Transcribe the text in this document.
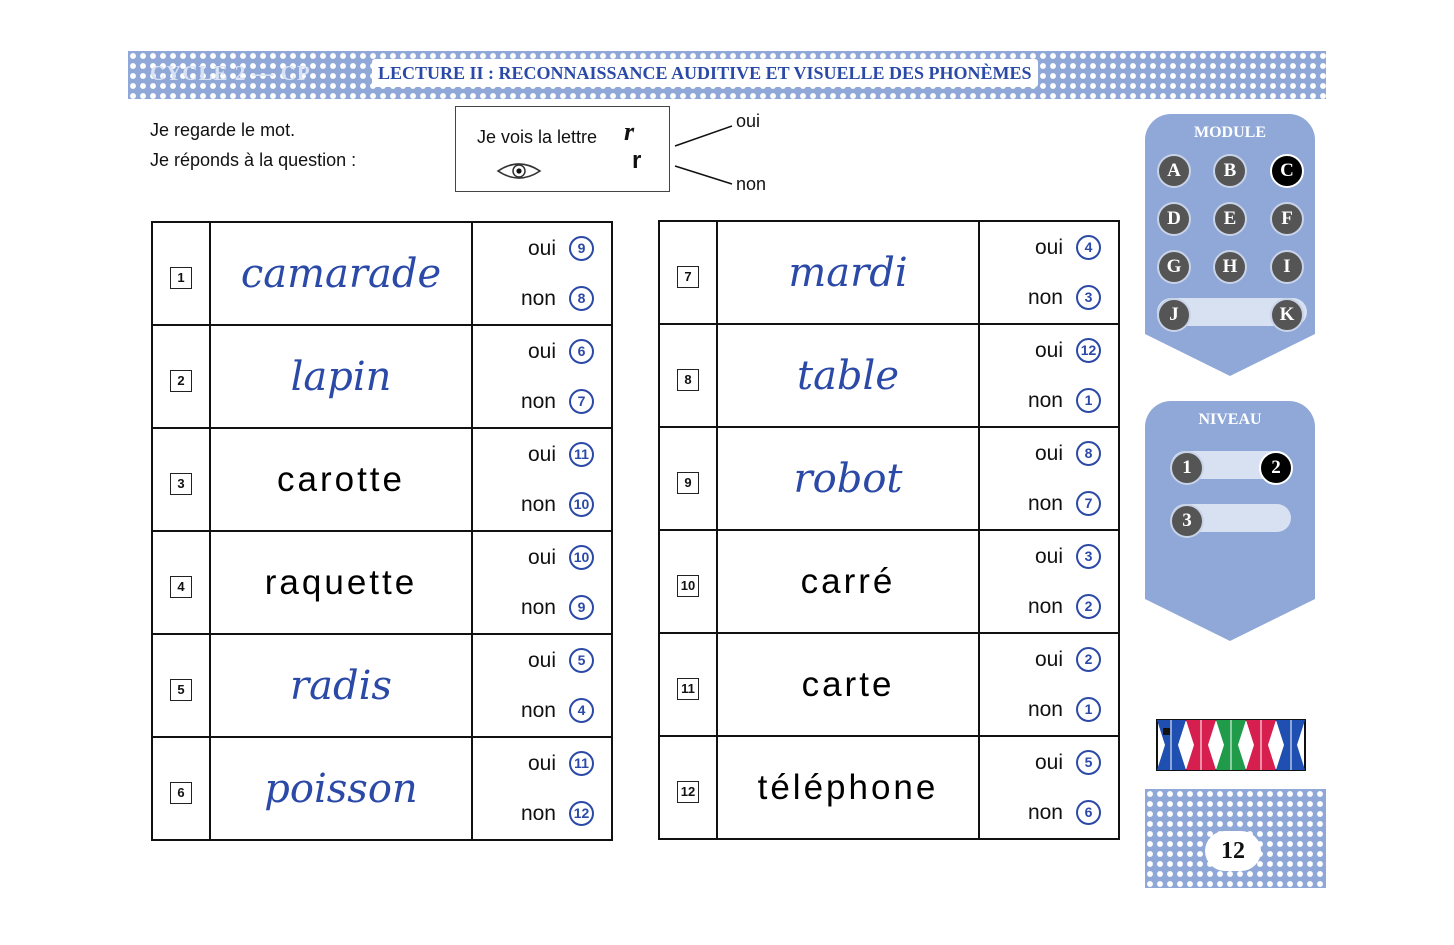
CYCLE 2 — CP	LECTURE II : RECONNAISSANCE AUDITIVE ET VISUELLE DES PHONÈMES
Je regarde le mot.
Je réponds à la question :
Je vois la lettre r
r
oui
non
1	camarade	oui 9
non 8

2	lapin	oui 6
non 7

3	carotte	oui 11
non 10

4	raquette	oui 10
non 9

5	radis	oui 5
non 4

6	poisson	oui 11
non 12
7	mardi	oui 4
non 3

8	table	oui 12
non 1

9	robot	oui 8
non 7

10	carré	oui 3
non 2

11	carte	oui 2
non 1

12	téléphone	oui 5
non 6
MODULE
A	B	C
D	E	F
G	H	I
J	K
NIVEAU
1	2
3
12
